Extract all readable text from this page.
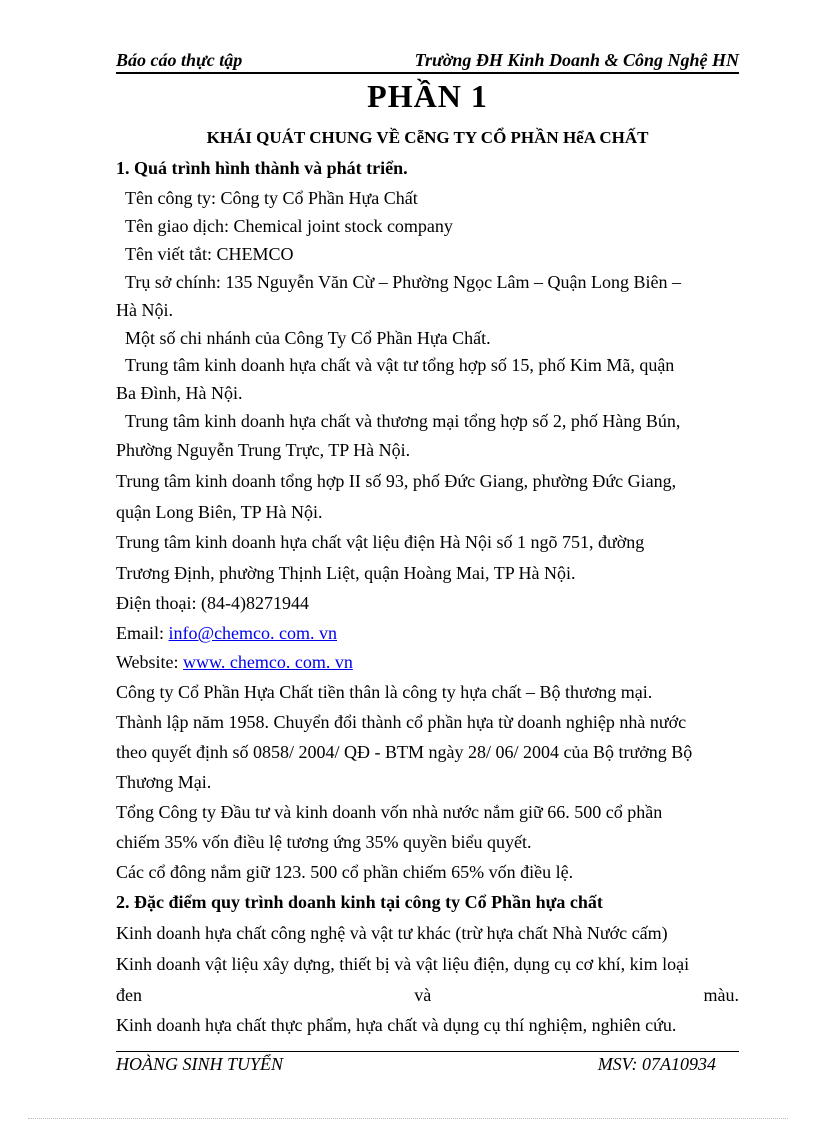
Báo cáo thực tập	Trường ĐH Kinh Doanh & Công Nghệ HN
PHẦN 1
KHÁI QUÁT CHUNG VỀ CễNG TY CỔ PHẦN HểA CHẤT
1. Quá trình hình thành và phát triển.
Tên công ty: Công ty Cổ Phần Hựa Chất
Tên giao dịch: Chemical joint stock company
Tên viết tắt: CHEMCO
Trụ sở chính: 135 Nguyễn Văn Cừ – Phường Ngọc Lâm – Quận Long Biên –
Hà Nội.
Một số chi nhánh của Công Ty Cổ Phần Hựa Chất.
Trung tâm kinh doanh hựa chất và vật tư tổng hợp số 15, phố Kim Mã, quận
Ba Đình, Hà Nội.
Trung tâm kinh doanh hựa chất và thương mại tổng hợp số 2, phố Hàng Bún,
Phường Nguyễn Trung Trực, TP Hà Nội.
Trung tâm kinh doanh tổng hợp II số 93, phố Đức Giang, phường Đức Giang,
quận Long Biên, TP Hà Nội.
Trung tâm kinh doanh hựa chất vật liệu điện Hà Nội số 1 ngõ 751, đường
Trương Định, phường Thịnh Liệt, quận Hoàng Mai, TP Hà Nội.
Điện thoại: (84-4)8271944
Email: info@chemco. com. vn
Website: www. chemco. com. vn
Công ty Cổ Phần Hựa Chất tiền thân là công ty hựa chất – Bộ thương mại.
Thành lập năm 1958. Chuyển đổi thành cổ phần hựa từ doanh nghiệp nhà nước
theo quyết định số 0858/ 2004/ QĐ - BTM ngày 28/ 06/ 2004 của Bộ trưởng Bộ
Thương Mại.
Tổng Công ty Đầu tư và kinh doanh vốn nhà nước nắm giữ 66. 500 cổ phần
chiếm 35% vốn điều lệ tương ứng 35% quyền biểu quyết.
Các cổ đông nắm giữ 123. 500 cổ phần chiếm 65% vốn điều lệ.
2. Đặc điểm quy trình doanh kinh tại công ty Cổ Phần hựa chất
Kinh doanh hựa chất công nghệ và vật tư khác (trừ hựa chất Nhà Nước cấm)
Kinh doanh vật liệu xây dựng, thiết bị và vật liệu điện, dụng cụ cơ khí, kim loại
đen	và	màu.
Kinh doanh hựa chất thực phẩm, hựa chất và dụng cụ thí nghiệm, nghiên cứu.
HOÀNG SINH TUYỂN	MSV: 07A10934
